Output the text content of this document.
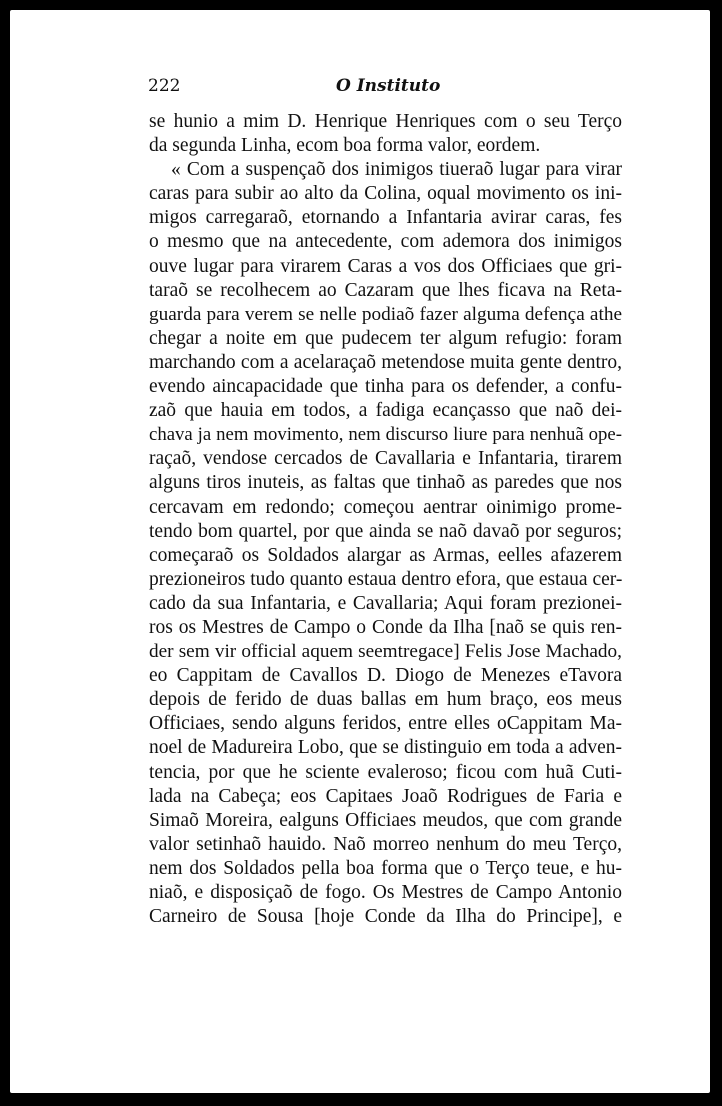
222	O Instituto
se hunio a mim D. Henrique Henriques com o seu Terço
da segunda Linha, ecom boa forma valor, eordem.
« Com a suspençaõ dos inimigos tiueraõ lugar para virar
caras para subir ao alto da Colina, oqual movimento os ini-
migos carregaraõ, etornando a Infantaria avirar caras, fes
o mesmo que na antecedente, com ademora dos inimigos
ouve lugar para virarem Caras a vos dos Officiaes que gri-
taraõ se recolhecem ao Cazaram que lhes ficava na Reta-
guarda para verem se nelle podiaõ fazer alguma defença athe
chegar a noite em que pudecem ter algum refugio: foram
marchando com a acelaraçaõ metendose muita gente dentro,
evendo aincapacidade que tinha para os defender, a confu-
zaõ que hauia em todos, a fadiga ecançasso que naõ dei-
chava ja nem movimento, nem discurso liure para nenhuã ope-
raçaõ, vendose cercados de Cavallaria e Infantaria, tirarem
alguns tiros inuteis, as faltas que tinhaõ as paredes que nos
cercavam em redondo; começou aentrar oinimigo prome-
tendo bom quartel, por que ainda se naõ davaõ por seguros;
começaraõ os Soldados alargar as Armas, eelles afazerem
prezioneiros tudo quanto estaua dentro efora, que estaua cer-
cado da sua Infantaria, e Cavallaria; Aqui foram prezionei-
ros os Mestres de Campo o Conde da Ilha [naõ se quis ren-
der sem vir official aquem seemtregace] Felis Jose Machado,
eo Cappitam de Cavallos D. Diogo de Menezes eTavora
depois de ferido de duas ballas em hum braço, eos meus
Officiaes, sendo alguns feridos, entre elles oCappitam Ma-
noel de Madureira Lobo, que se distinguio em toda a adven-
tencia, por que he sciente evaleroso; ficou com huã Cuti-
lada na Cabeça; eos Capitaes Joaõ Rodrigues de Faria e
Simaõ Moreira, ealguns Officiaes meudos, que com grande
valor setinhaõ hauido. Naõ morreo nenhum do meu Terço,
nem dos Soldados pella boa forma que o Terço teue, e hu-
niaõ, e disposiçaõ de fogo. Os Mestres de Campo Antonio
Carneiro de Sousa [hoje Conde da Ilha do Principe], e
